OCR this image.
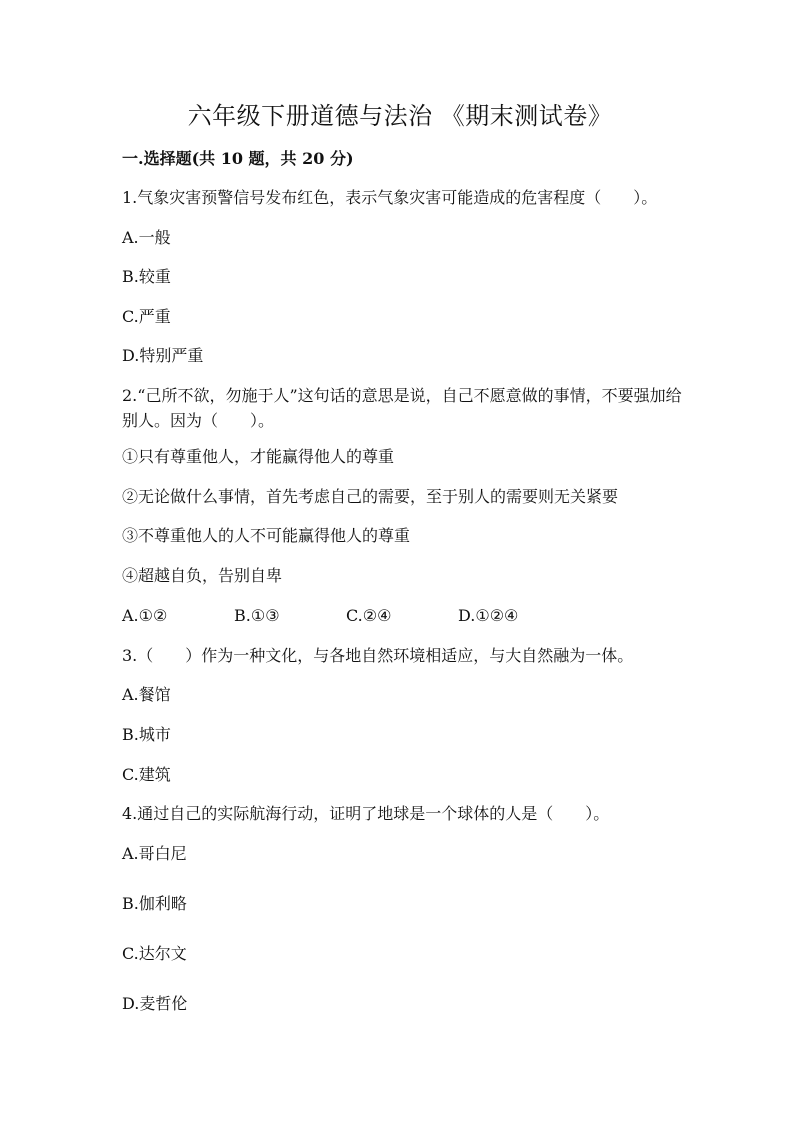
六年级下册道德与法治 《期末测试卷》
一.选择题(共 10 题，共 20 分)
1.气象灾害预警信号发布红色，表示气象灾害可能造成的危害程度（　　）。
A.一般
B.较重
C.严重
D.特别严重
2.“己所不欲，勿施于人”这句话的意思是说，自己不愿意做的事情，不要强加给别人。因为（　　）。
①只有尊重他人，才能赢得他人的尊重
②无论做什么事情，首先考虑自己的需要，至于别人的需要则无关紧要
③不尊重他人的人不可能赢得他人的尊重
④超越自负，告别自卑
A.①②	B.①③	C.②④	D.①②④
3.（　　）作为一种文化，与各地自然环境相适应，与大自然融为一体。
A.餐馆
B.城市
C.建筑
4.通过自己的实际航海行动，证明了地球是一个球体的人是（　　）。
A.哥白尼
B.伽利略
C.达尔文
D.麦哲伦
